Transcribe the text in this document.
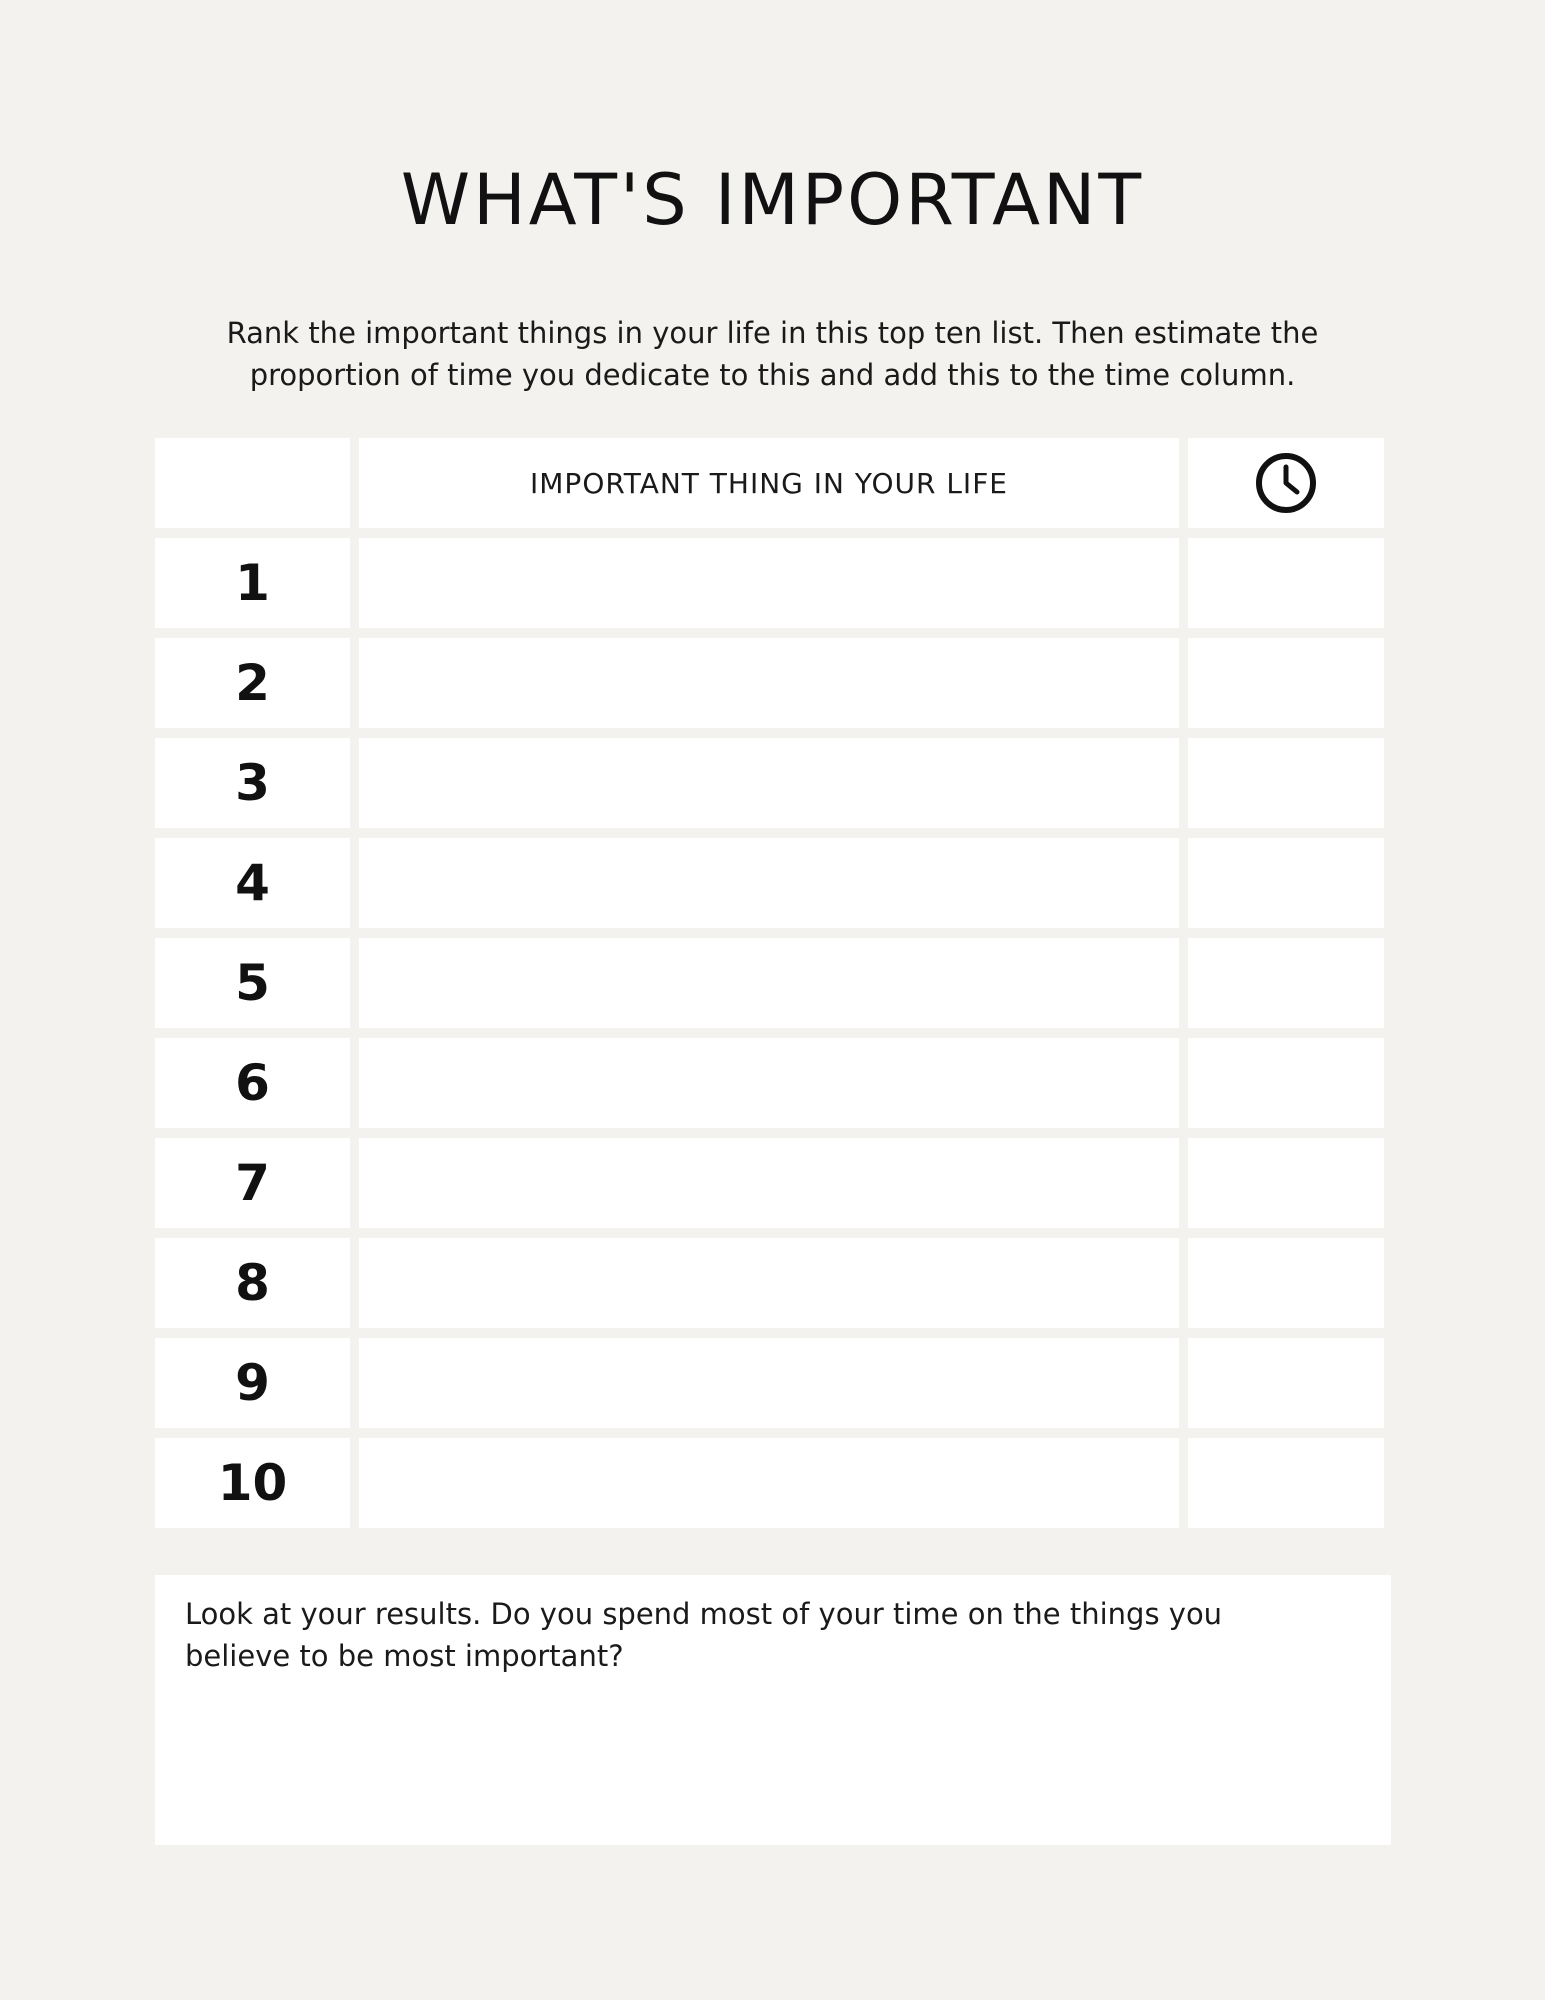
WHAT'S IMPORTANT

Rank the important things in your life in this top ten list. Then estimate the proportion of time you dedicate to this and add this to the time column.

IMPORTANT THING IN YOUR LIFE
1
2
3
4
5
6
7
8
9
10

Look at your results. Do you spend most of your time on the things you believe to be most important?
